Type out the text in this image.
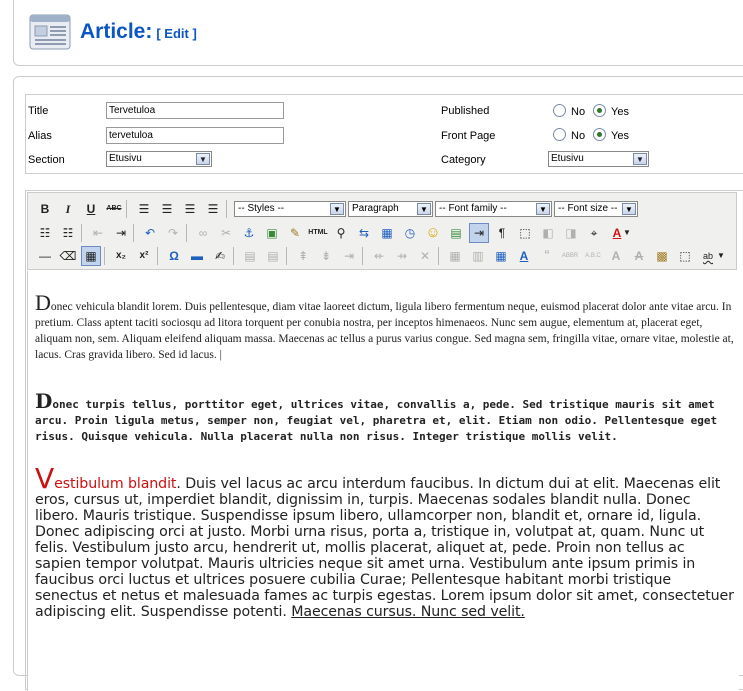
Article: [ Edit ]
Title
Tervetuloa	Published	No Yes
Alias
tervetuloa	Front Page	No Yes
Section	Etusivu	▼	Category	Etusivu	▼
B	I	U	ABC	☰	☰	☰	☰	-- Styles --	▼	Paragraph	▼	-- Font family --	▼	-- Font size -- ▼
☷	☷	⇤	⇥	↶	↷	∞	✂	⚓ ▣	✎	HTML ⚲	⇆	▦	◷ ☺ ▤	⇥	¶	⬚ ◧ ◨	⌖	A ▼
— ⌫ ▦	x₂	x²	Ω	▬ ✍	▤ ▤	⇞	⇟	⇥	⇷	⇸	✕	▦ ▥ ▦	A	“	ABBR	A.B.C A	A	▩ ⬚	ab ▼
Donec vehicula blandit lorem. Duis pellentesque, diam vitae laoreet dictum, ligula libero fermentum neque, euismod placerat dolor ante vitae arcu. In pretium. Class aptent taciti sociosqu ad litora torquent per conubia nostra, per inceptos himenaeos. Nunc sem augue, elementum at, placerat eget, aliquam non, sem. Aliquam eleifend aliquam massa. Maecenas ac tellus a purus varius congue. Sed magna sem, fringilla vitae, ornare vitae, molestie at, lacus. Cras gravida libero. Sed id lacus. |
Donec turpis tellus, porttitor eget, ultrices vitae, convallis a, pede. Sed tristique mauris sit amet arcu. Proin ligula metus, semper non, feugiat vel, pharetra et, elit. Etiam non odio. Pellentesque eget risus. Quisque vehicula. Nulla placerat nulla non risus. Integer tristique mollis velit.
Vestibulum blandit. Duis vel lacus ac arcu interdum faucibus. In dictum dui at elit. Maecenas elit eros, cursus ut, imperdiet blandit, dignissim in, turpis. Maecenas sodales blandit nulla. Donec libero. Mauris tristique. Suspendisse ipsum libero, ullamcorper non, blandit et, ornare id, ligula. Donec adipiscing orci at justo. Morbi urna risus, porta a, tristique in, volutpat at, quam. Nunc ut felis. Vestibulum justo arcu, hendrerit ut, mollis placerat, aliquet at, pede. Proin non tellus ac sapien tempor volutpat. Mauris ultricies neque sit amet urna. Vestibulum ante ipsum primis in faucibus orci luctus et ultrices posuere cubilia Curae; Pellentesque habitant morbi tristique senectus et netus et malesuada fames ac turpis egestas. Lorem ipsum dolor sit amet, consectetuer adipiscing elit. Suspendisse potenti. Maecenas cursus. Nunc sed velit.
